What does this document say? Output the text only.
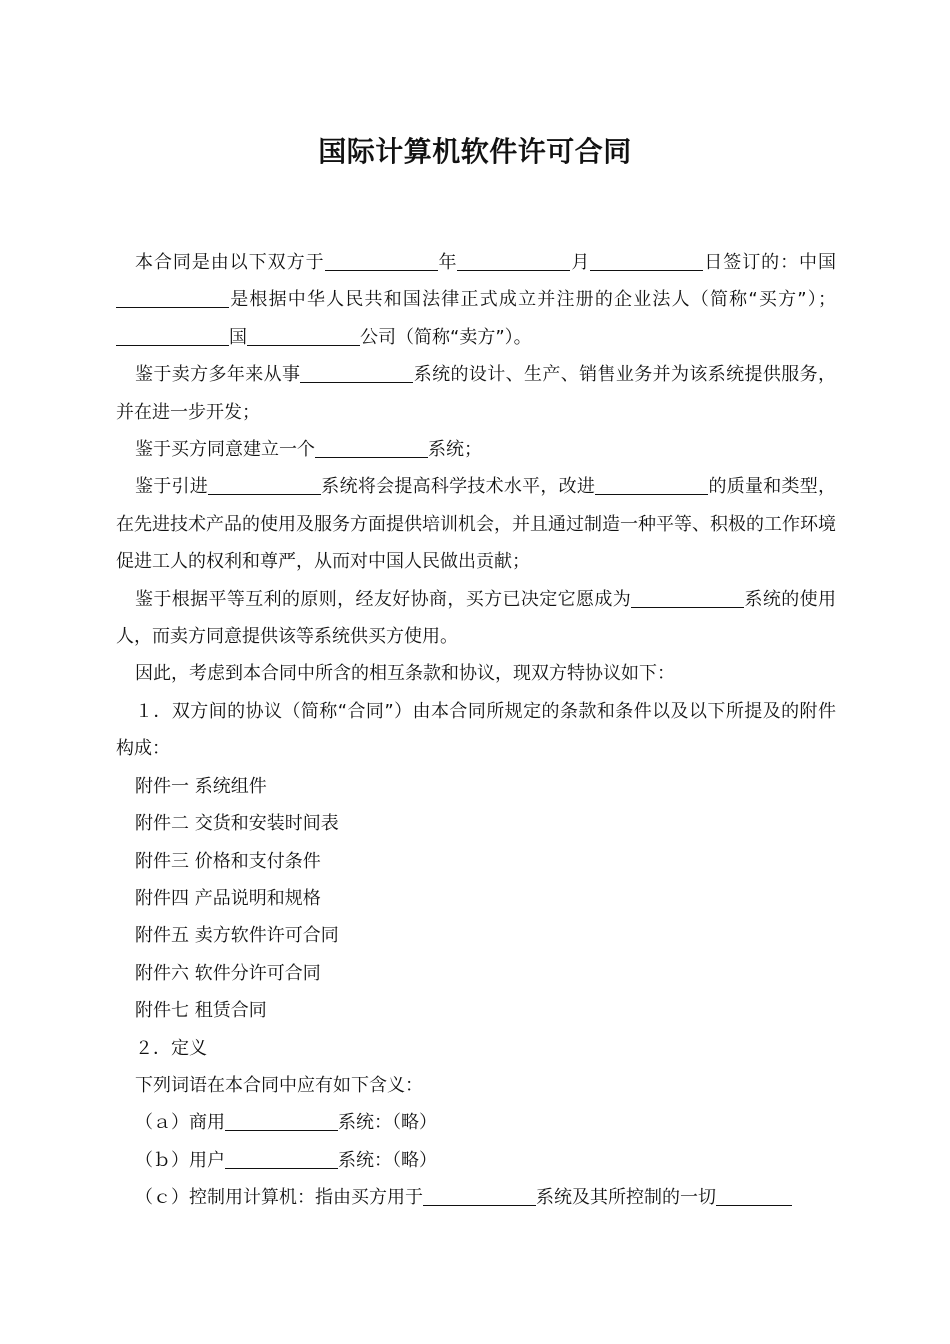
国际计算机软件许可合同

本合同是由以下双方于	年	月	日签订的：中国是根据中华人民共和国法律正式成立并注册的企业法人（简称“买方”）；国	公司（简称“卖方”）。

鉴于卖方多年来从事	系统的设计、生产、销售业务并为该系统提供服务，并在进一步开发；

鉴于买方同意建立一个	系统；

鉴于引进	系统将会提高科学技术水平，改进	的质量和类型，在先进技术产品的使用及服务方面提供培训机会，并且通过制造一种平等、积极的工作环境促进工人的权利和尊严，从而对中国人民做出贡献；

鉴于根据平等互利的原则，经友好协商，买方已决定它愿成为	系统的使用人，而卖方同意提供该等系统供买方使用。

因此，考虑到本合同中所含的相互条款和协议，现双方特协议如下：

１．双方间的协议（简称“合同”）由本合同所规定的条款和条件以及以下所提及的附件构成：

附件一 系统组件

附件二 交货和安装时间表

附件三 价格和支付条件

附件四 产品说明和规格

附件五 卖方软件许可合同

附件六 软件分许可合同

附件七 租赁合同

２．定义

下列词语在本合同中应有如下含义：

（ａ）商用	系统：（略）

（ｂ）用户	系统：（略）

（ｃ）控制用计算机：指由买方用于	系统及其所控制的一切
